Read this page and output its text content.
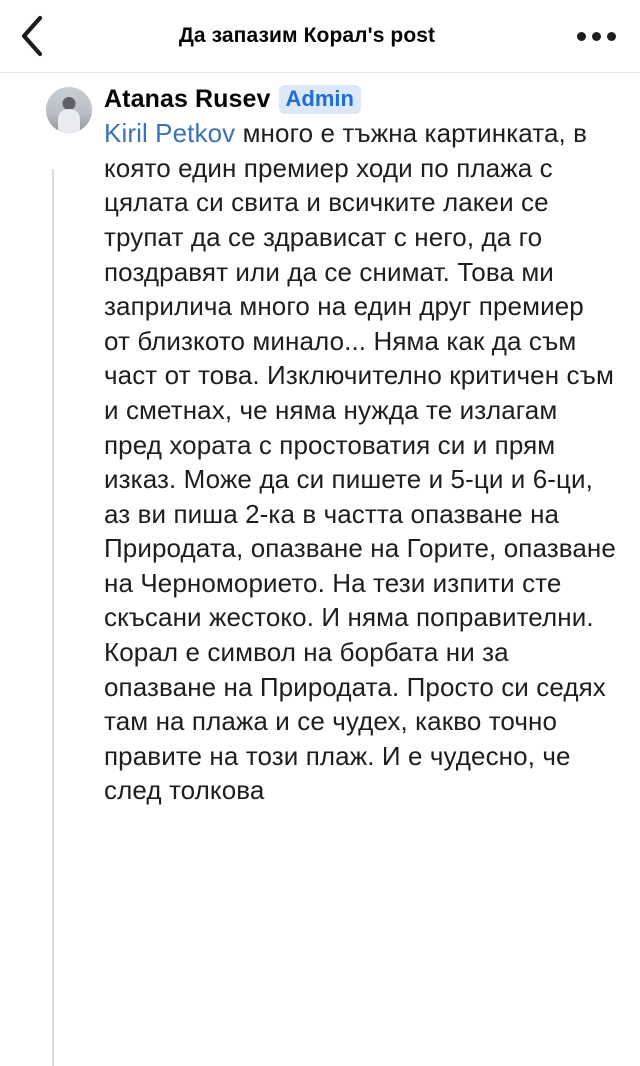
Да запазим Корал's post
Atanas Rusev Admin
Kiril Petkov много е тъжна картинката, в която един премиер ходи по плажа с цялата си свита и всичките лакеи се трупат да се здрависат с него, да го поздравят или да се снимат. Това ми заприлича много на един друг премиер от близкото минало... Няма как да съм част от това. Изключително критичен съм и сметнах, че няма нужда те излагам пред хората с простоватия си и прям изказ. Може да си пишете и 5-ци и 6-ци, аз ви пиша 2-ка в частта опазване на Природата, опазване на Горите, опазване на Черноморието. На тези изпити сте скъсани жестоко. И няма поправителни. Корал е символ на борбата ни за опазване на Природата. Просто си седях там на плажа и се чудех, какво точно правите на този плаж. И е чудесно, че след толкова
